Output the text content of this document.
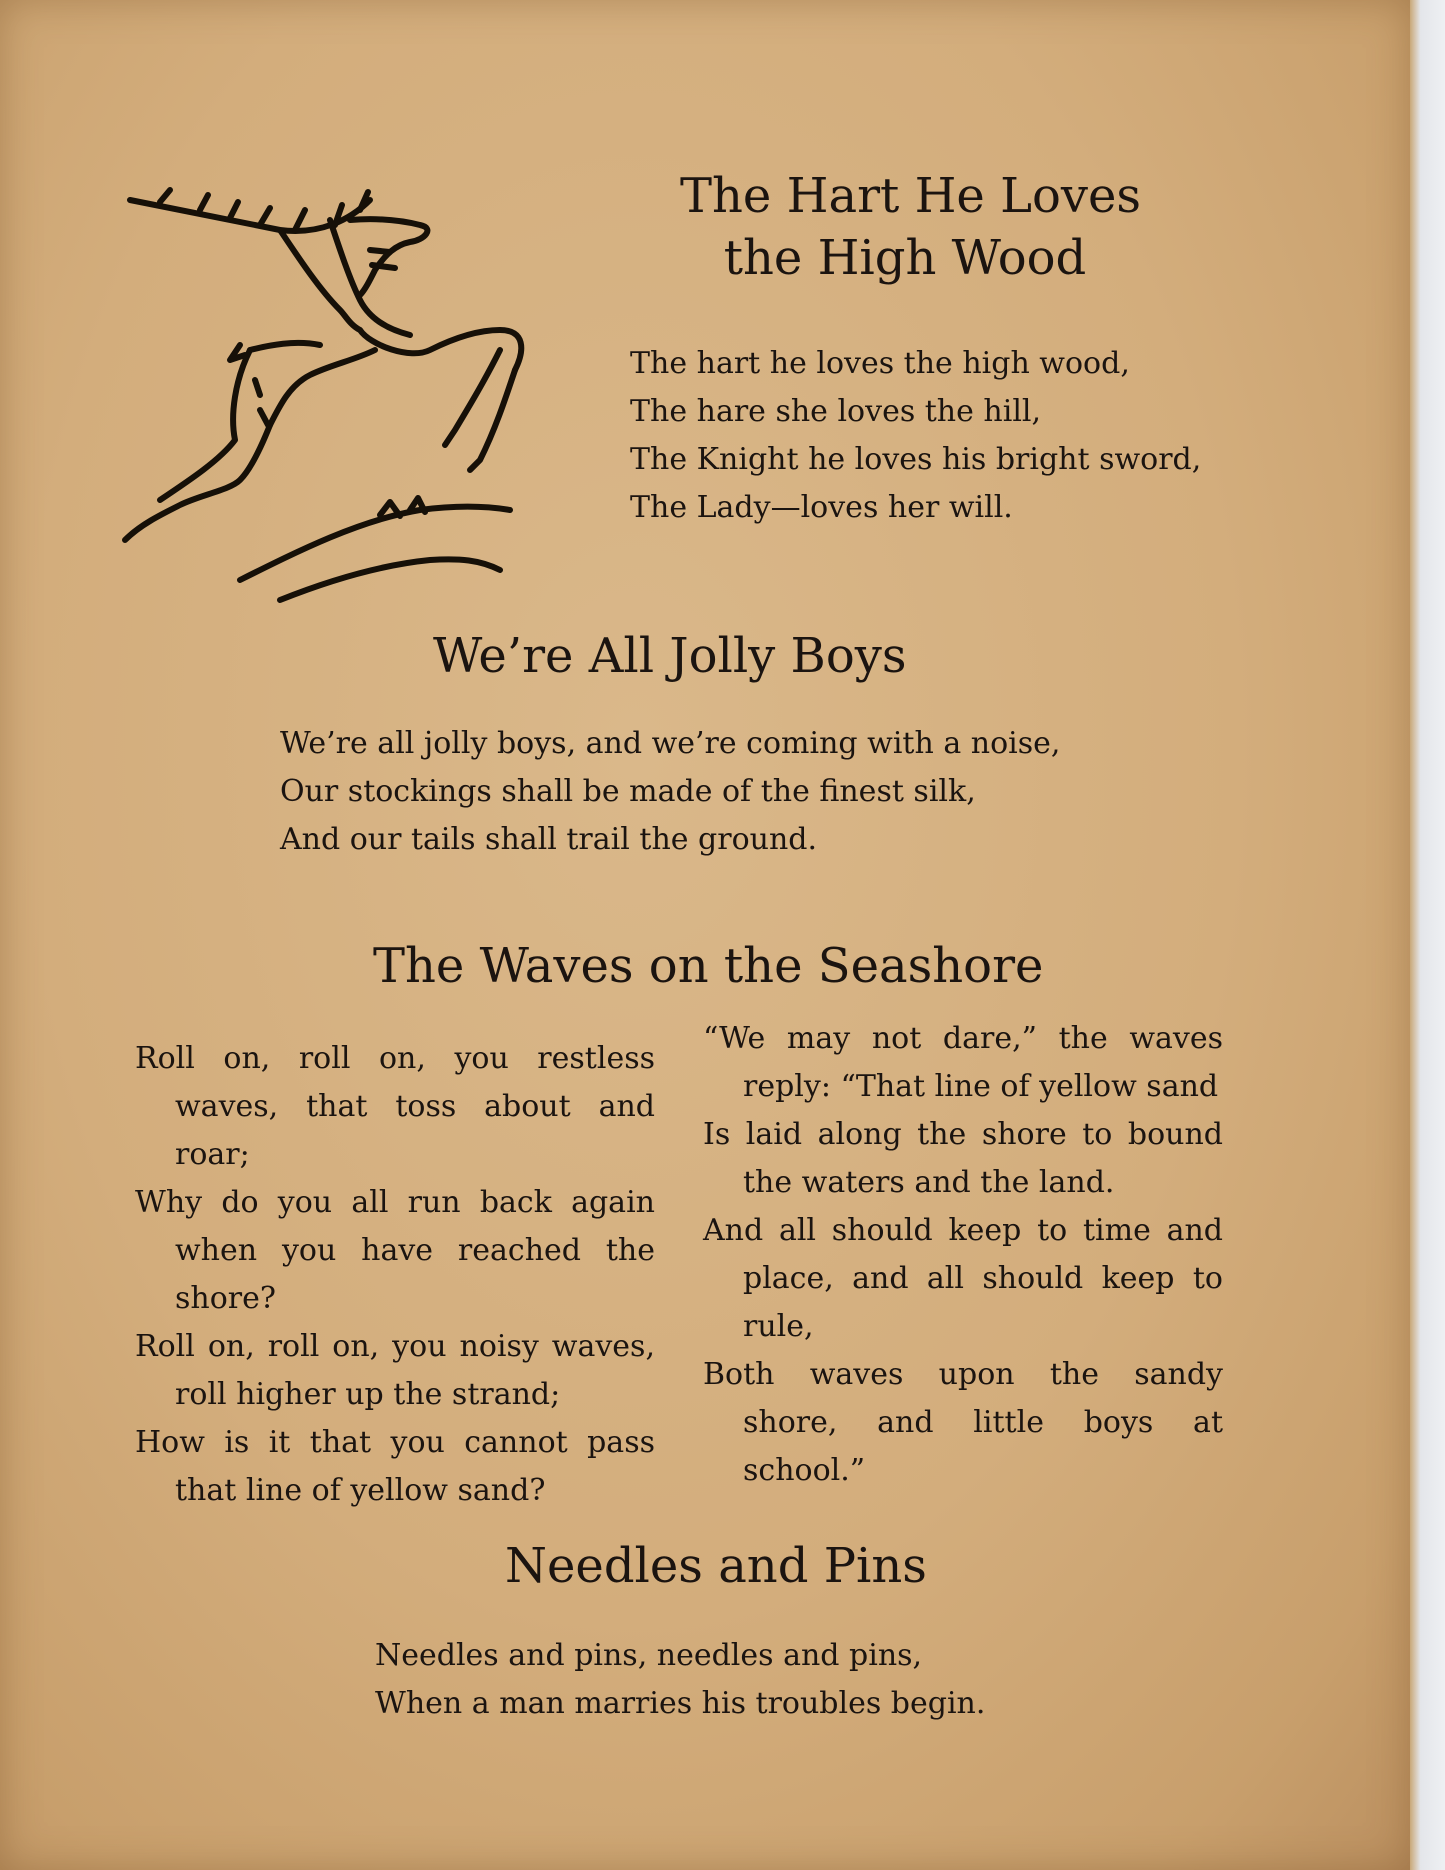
The Hart He Loves
the High Wood
The hart he loves the high wood,
The hare she loves the hill,
The Knight he loves his bright sword,
The Lady—loves her will.
We’re All Jolly Boys
We’re all jolly boys, and we’re coming with a noise,
Our stockings shall be made of the finest silk,
And our tails shall trail the ground.
The Waves on the Seashore
Roll on, roll on, you restless waves, that toss about and roar;
Why do you all run back again when you have reached the shore?
Roll on, roll on, you noisy waves, roll higher up the strand;
How is it that you cannot pass that line of yellow sand?
“We may not dare,” the waves reply: “That line of yellow sand
Is laid along the shore to bound the waters and the land.
And all should keep to time and place, and all should keep to rule,
Both waves upon the sandy shore, and little boys at school.”
Needles and Pins
Needles and pins, needles and pins,
When a man marries his troubles begin.
